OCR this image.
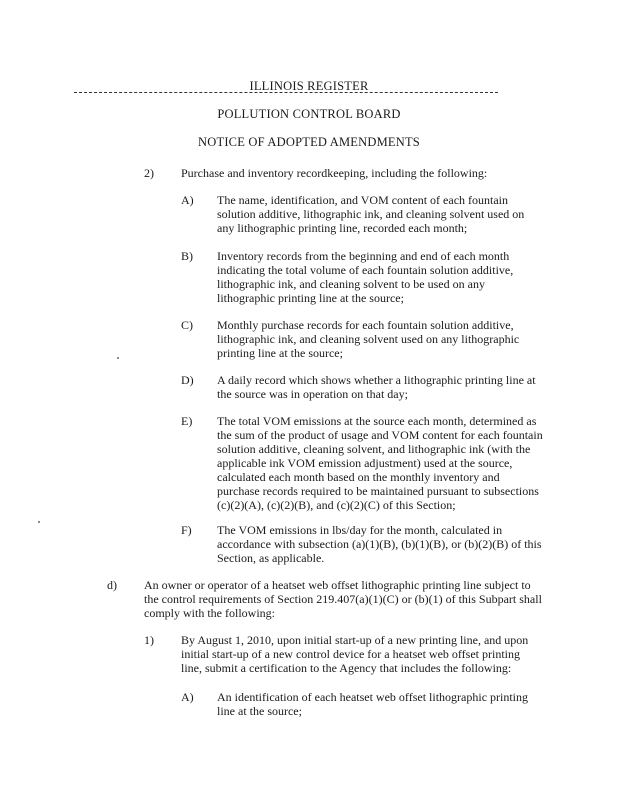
ILLINOIS REGISTER
POLLUTION CONTROL BOARD
NOTICE OF ADOPTED AMENDMENTS
2) Purchase and inventory recordkeeping, including the following:
A) The name, identification, and VOM content of each fountain solution additive, lithographic ink, and cleaning solvent used on any lithographic printing line, recorded each month;
B) Inventory records from the beginning and end of each month indicating the total volume of each fountain solution additive, lithographic ink, and cleaning solvent to be used on any lithographic printing line at the source;
C) Monthly purchase records for each fountain solution additive, lithographic ink, and cleaning solvent used on any lithographic printing line at the source;
D) A daily record which shows whether a lithographic printing line at the source was in operation on that day;
E) The total VOM emissions at the source each month, determined as the sum of the product of usage and VOM content for each fountain solution additive, cleaning solvent, and lithographic ink (with the applicable ink VOM emission adjustment) used at the source, calculated each month based on the monthly inventory and purchase records required to be maintained pursuant to subsections (c)(2)(A), (c)(2)(B), and (c)(2)(C) of this Section;
F) The VOM emissions in lbs/day for the month, calculated in accordance with subsection (a)(1)(B), (b)(1)(B), or (b)(2)(B) of this Section, as applicable.
d) An owner or operator of a heatset web offset lithographic printing line subject to the control requirements of Section 219.407(a)(1)(C) or (b)(1) of this Subpart shall comply with the following:
1) By August 1, 2010, upon initial start-up of a new printing line, and upon initial start-up of a new control device for a heatset web offset printing line, submit a certification to the Agency that includes the following:
A) An identification of each heatset web offset lithographic printing line at the source;
